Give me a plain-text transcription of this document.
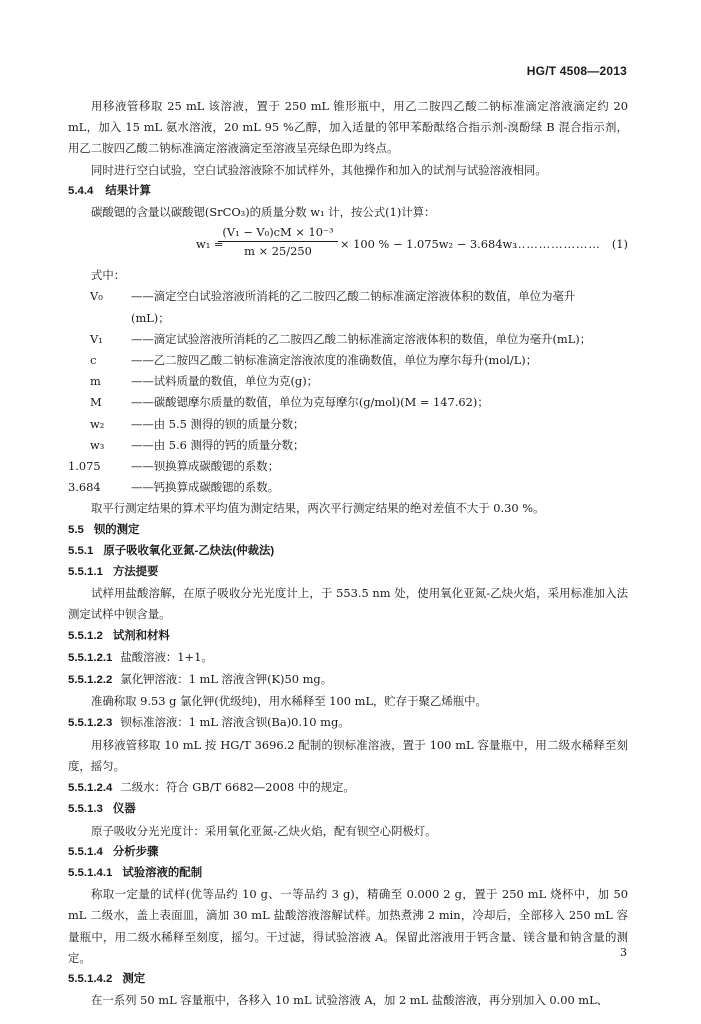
HG/T 4508—2013

用移液管移取 25 mL 该溶液，置于 250 mL 锥形瓶中，用乙二胺四乙酸二钠标准滴定溶液滴定约 20 mL，加入 15 mL 氨水溶液，20 mL 95 %乙醇，加入适量的邻甲苯酚酞络合指示剂-溴酚绿 B 混合指示剂，用乙二胺四乙酸二钠标准滴定溶液滴定至溶液呈亮绿色即为终点。

同时进行空白试验，空白试验溶液除不加试样外，其他操作和加入的试剂与试验溶液相同。

5.4.4 结果计算

碳酸锶的含量以碳酸锶(SrCO₃)的质量分数 w₁ 计，按公式(1)计算：

w₁ =
$\frac{\text{(V₁ − V₀)cM × 10⁻³}}{m \times 25/250} \times 100$ % − 1.075w₂ − 3.684w₃
………………… (1)

式中：

V₀ ——滴定空白试验溶液所消耗的乙二胺四乙酸二钠标准滴定溶液体积的数值，单位为毫升

(mL)；

V₁ ——滴定试验溶液所消耗的乙二胺四乙酸二钠标准滴定溶液体积的数值，单位为毫升(mL)；

c	——乙二胺四乙酸二钠标准滴定溶液浓度的准确数值，单位为摩尔每升(mol/L)；

m	——试料质量的数值，单位为克(g)；

M	——碳酸锶摩尔质量的数值，单位为克每摩尔(g/mol)(M = 147.62)；

w₂ ——由 5.5 测得的钡的质量分数；

w₃ ——由 5.6 测得的钙的质量分数；

1.075	——钡换算成碳酸锶的系数；

3.684	——钙换算成碳酸锶的系数。

取平行测定结果的算术平均值为测定结果，两次平行测定结果的绝对差值不大于 0.30 %。

5.5 钡的测定

5.5.1 原子吸收氧化亚氮-乙炔法(仲裁法)

5.5.1.1 方法提要

试样用盐酸溶解，在原子吸收分光光度计上，于 553.5 nm 处，使用氧化亚氮-乙炔火焰，采用标准加入法测定试样中钡含量。

5.5.1.2 试剂和材料

5.5.1.2.1 盐酸溶液：1+1。

5.5.1.2.2 氯化钾溶液：1 mL 溶液含钾(K)50 mg。

准确称取 9.53 g 氯化钾(优级纯)，用水稀释至 100 mL，贮存于聚乙烯瓶中。

5.5.1.2.3 钡标准溶液：1 mL 溶液含钡(Ba)0.10 mg。

用移液管移取 10 mL 按 HG/T 3696.2 配制的钡标准溶液，置于 100 mL 容量瓶中，用二级水稀释至刻度，摇匀。

5.5.1.2.4 二级水：符合 GB/T 6682—2008 中的规定。

5.5.1.3 仪器

原子吸收分光光度计：采用氧化亚氮-乙炔火焰，配有钡空心阴极灯。

5.5.1.4 分析步骤

5.5.1.4.1 试验溶液的配制

称取一定量的试样(优等品约 10 g、一等品约 3 g)，精确至 0.000 2 g，置于 250 mL 烧杯中，加 50 mL 二级水，盖上表面皿，滴加 30 mL 盐酸溶液溶解试样。加热煮沸 2 min，冷却后，全部移入 250 mL 容量瓶中，用二级水稀释至刻度，摇匀。干过滤，得试验溶液 A。保留此溶液用于钙含量、镁含量和钠含量的测定。

5.5.1.4.2 测定

在一系列 50 mL 容量瓶中，各移入 10 mL 试验溶液 A，加 2 mL 盐酸溶液，再分别加入 0.00 mL、

3
